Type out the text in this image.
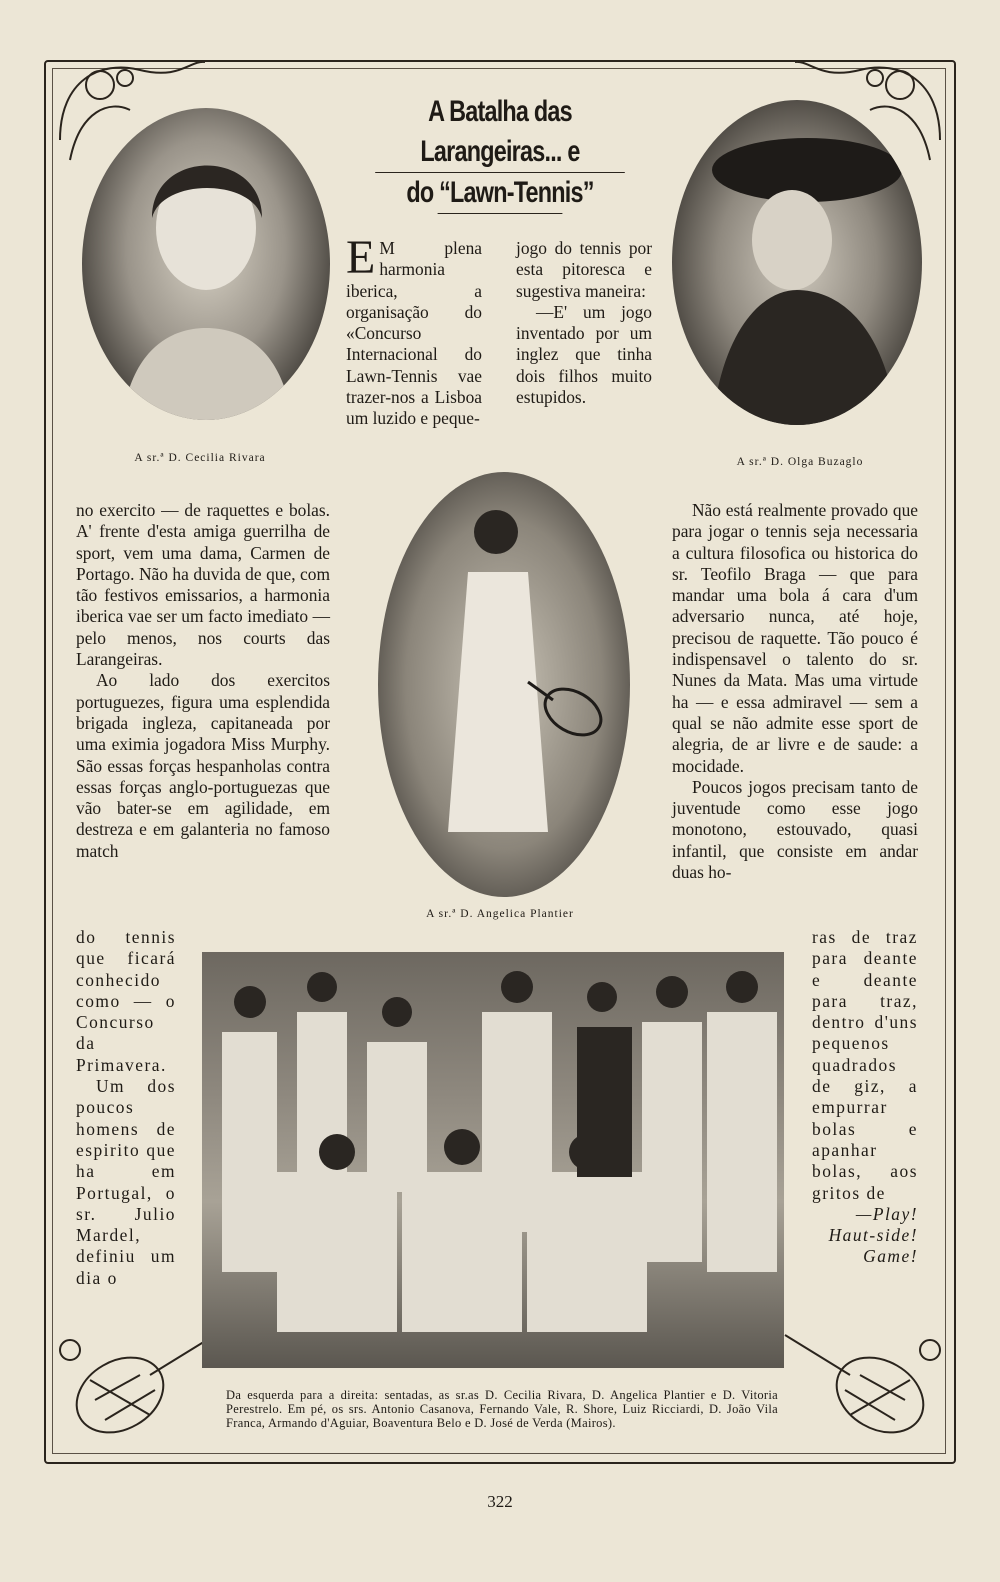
A Batalha das Larangeiras... e
do “Lawn-Tennis”
A sr.ª D. Cecilia Rivara	A sr.ª D. Olga Buzaglo
E M plena harmonia iberica, a organisação do «Concurso Internacional do Lawn-Tennis vae trazer-nos a Lisboa um luzido e peque-

jogo do tennis por esta pitoresca e sugestiva maneira:

—E' um jogo inventado por um inglez que tinha dois filhos muito estupidos.

A sr.ª D. Angelica Plantier

no exercito — de raquettes e bolas. A' frente d'esta amiga guerrilha de sport, vem uma dama, Carmen de Portago. Não ha duvida de que, com tão festivos emissarios, a harmonia iberica vae ser um facto imediato — pelo menos, nos courts das Larangeiras.

Ao lado dos exercitos portuguezes, figura uma esplendida brigada ingleza, capitaneada por uma eximia jogadora Miss Murphy. São essas forças hespanholas contra essas forças anglo-portuguezas que vão bater-se em agilidade, em destreza e em galanteria no famoso match

do tennis que ficará conhecido como — o Concurso da Primavera.

Um dos poucos homens de espirito que ha em Portugal, o sr. Julio Mardel, definiu um dia o

Não está realmente provado que para jogar o tennis seja necessaria a cultura filosofica ou historica do sr. Teofilo Braga — que para mandar uma bola á cara d'um adversario nunca, até hoje, precisou de raquette. Tão pouco é indispensavel o talento do sr. Nunes da Mata. Mas uma virtude ha — e essa admiravel — sem a qual se não admite esse sport de alegria, de ar livre e de saude: a mocidade.

Poucos jogos precisam tanto de juventude como esse jogo monotono, estouvado, quasi infantil, que consiste em andar duas ho-

ras de traz para deante e deante para traz, dentro d'uns pequenos quadrados de giz, a empurrar bolas e apanhar bolas, aos gritos de

—Play! Haut-side! Game!

Da esquerda para a direita: sentadas, as sr.as D. Cecilia Rivara, D. Angelica Plantier e D. Vitoria Perestrelo. Em pé, os srs. Antonio Casanova, Fernando Vale, R. Shore, Luiz Ricciardi, D. João Vila Franca, Armando d'Aguiar, Boaventura Belo e D. José de Verda (Mairos).
322
